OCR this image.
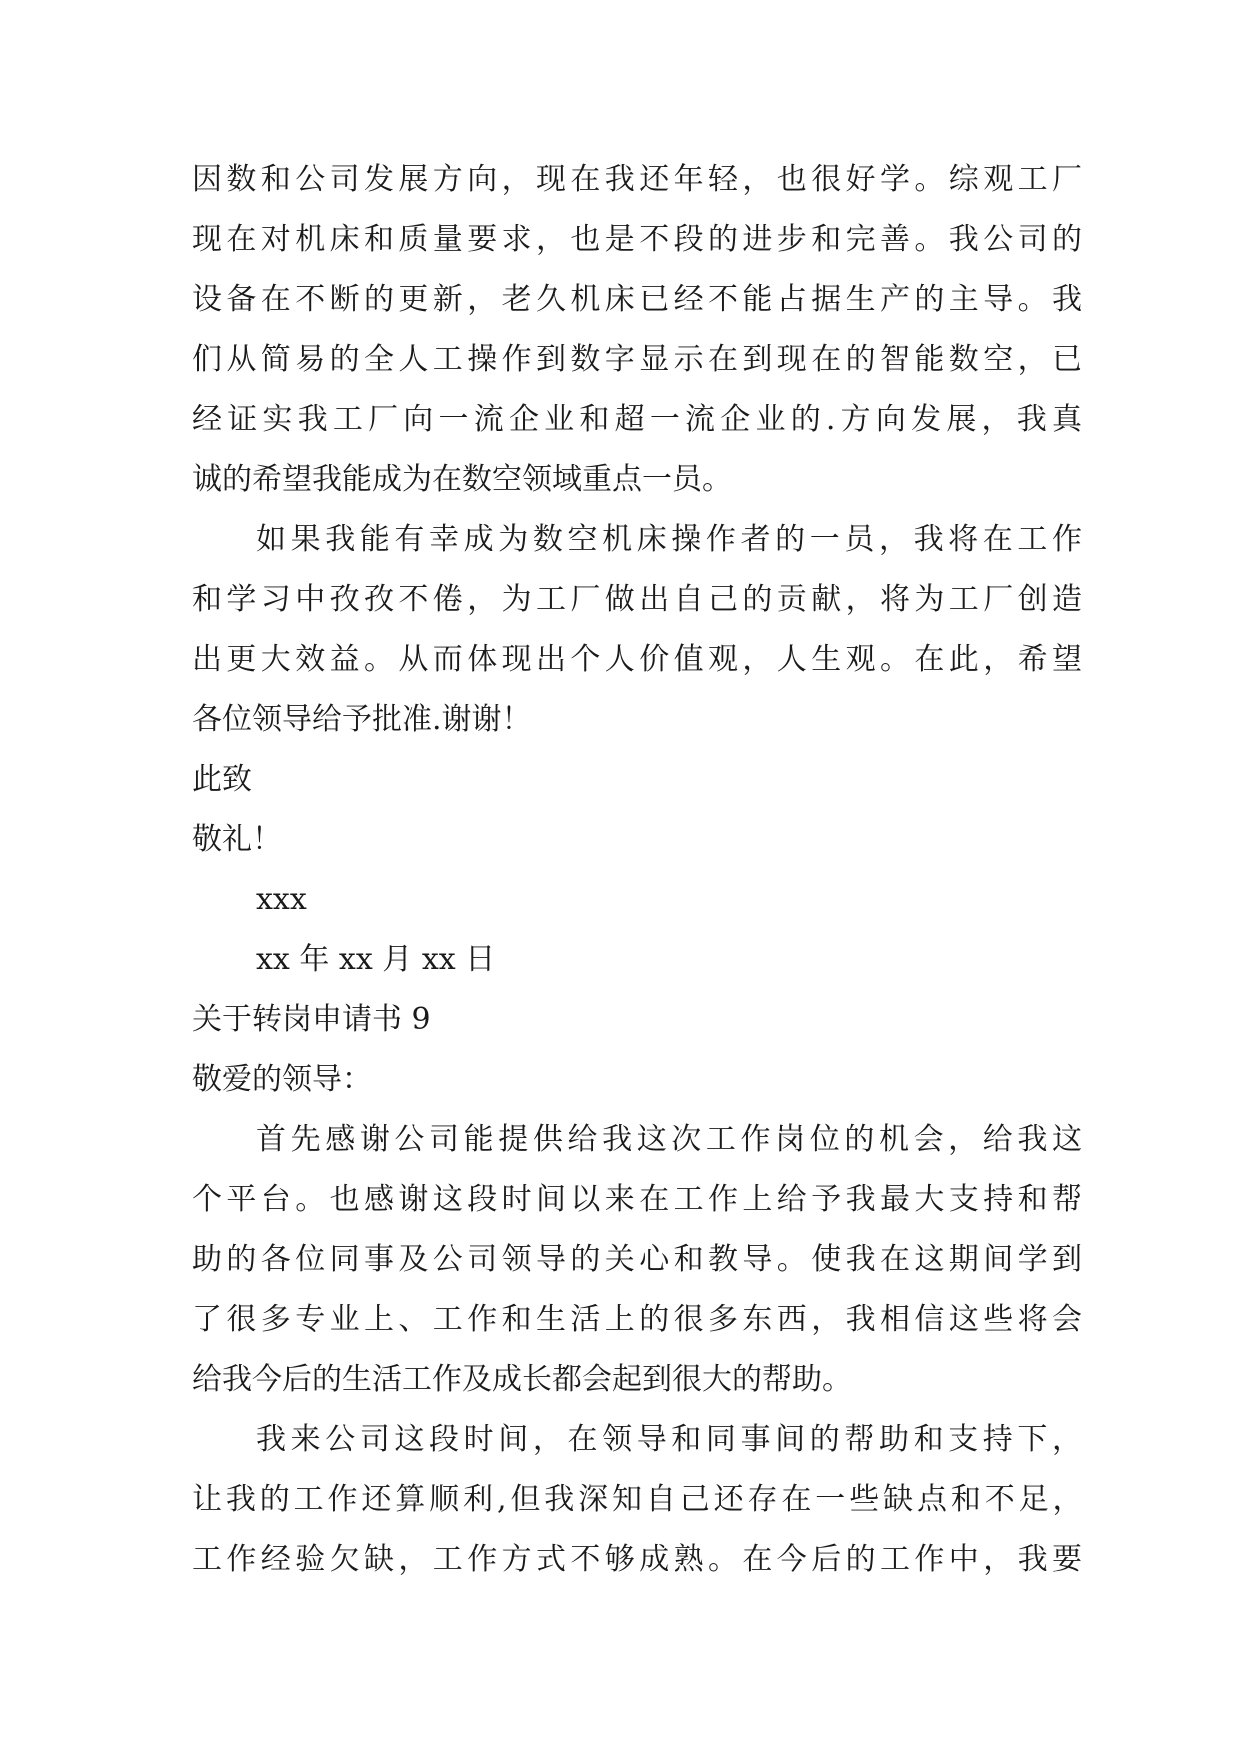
因数和公司发展方向，现在我还年轻，也很好学。综观工厂
现在对机床和质量要求，也是不段的进步和完善。我公司的
设备在不断的更新，老久机床已经不能占据生产的主导。我
们从简易的全人工操作到数字显示在到现在的智能数空，已
经证实我工厂向一流企业和超一流企业的.方向发展，我真
诚的希望我能成为在数空领域重点一员。
如果我能有幸成为数空机床操作者的一员，我将在工作
和学习中孜孜不倦，为工厂做出自己的贡献，将为工厂创造
出更大效益。从而体现出个人价值观，人生观。在此，希望
各位领导给予批准.谢谢！
此致
敬礼！
xxx
xx 年 xx 月 xx 日
关于转岗申请书 9
敬爱的领导：
首先感谢公司能提供给我这次工作岗位的机会，给我这
个平台。也感谢这段时间以来在工作上给予我最大支持和帮
助的各位同事及公司领导的关心和教导。使我在这期间学到
了很多专业上、工作和生活上的很多东西，我相信这些将会
给我今后的生活工作及成长都会起到很大的帮助。
我来公司这段时间，在领导和同事间的帮助和支持下，
让我的工作还算顺利,但我深知自己还存在一些缺点和不足，
工作经验欠缺，工作方式不够成熟。在今后的工作中，我要
